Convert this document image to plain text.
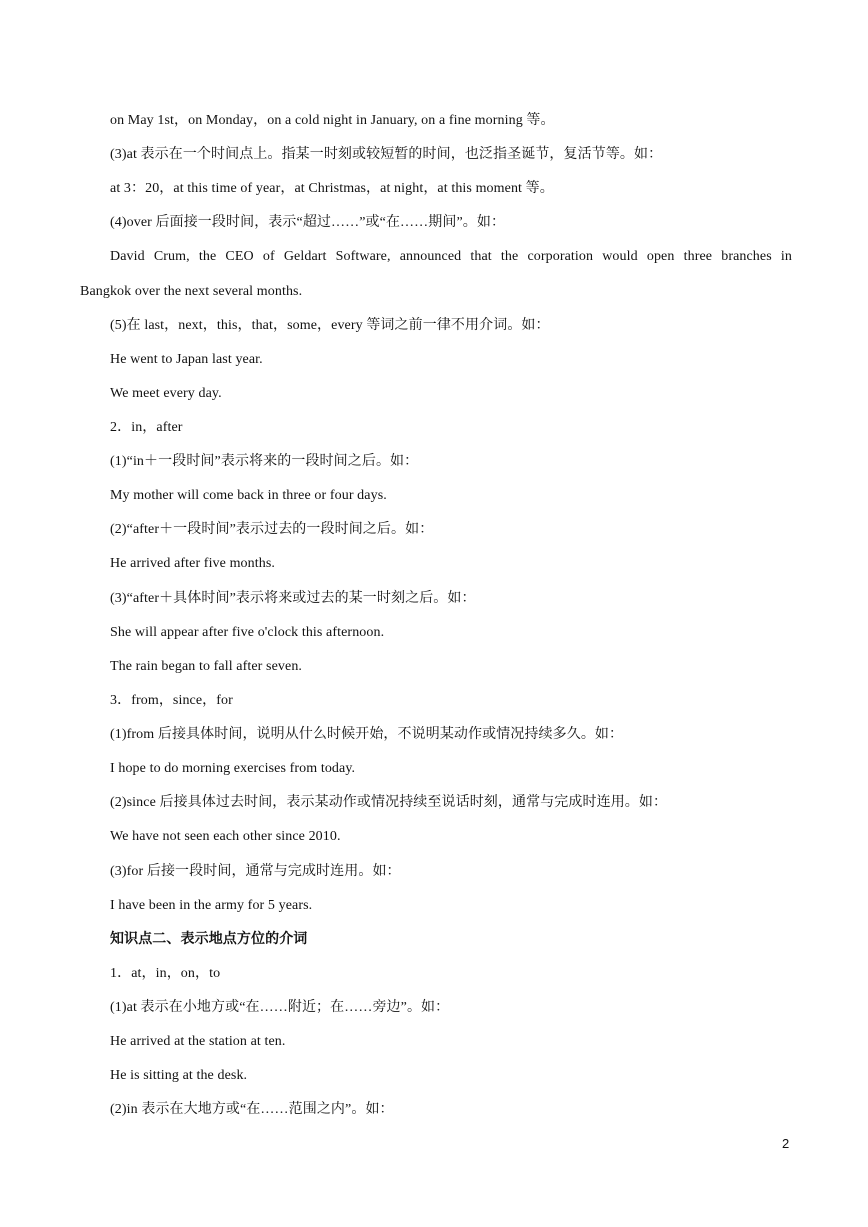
on May 1st，on Monday，on a cold night in January, on a fine morning 等。
(3)at 表示在一个时间点上。指某一时刻或较短暂的时间，也泛指圣诞节，复活节等。如：
at 3：20，at this time of year，at Christmas，at night，at this moment 等。
(4)over 后面接一段时间，表示“超过……”或“在……期间”。如：
David Crum, the CEO of Geldart Software, announced that the corporation would open three branches in
Bangkok over the next several months.
(5)在 last，next，this，that，some，every 等词之前一律不用介词。如：
He went to Japan last year.
We meet every day.
2．in，after
(1)“in＋一段时间”表示将来的一段时间之后。如：
My mother will come back in three or four days.
(2)“after＋一段时间”表示过去的一段时间之后。如：
He arrived after five months.
(3)“after＋具体时间”表示将来或过去的某一时刻之后。如：
She will appear after five o'clock this afternoon.
The rain began to fall after seven.
3．from，since，for
(1)from 后接具体时间，说明从什么时候开始，不说明某动作或情况持续多久。如：
I hope to do morning exercises from today.
(2)since 后接具体过去时间，表示某动作或情况持续至说话时刻，通常与完成时连用。如：
We have not seen each other since 2010.
(3)for 后接一段时间，通常与完成时连用。如：
I have been in the army for 5 years.
知识点二、表示地点方位的介词
1．at，in，on，to
(1)at 表示在小地方或“在……附近；在……旁边”。如：
He arrived at the station at ten.
He is sitting at the desk.
(2)in 表示在大地方或“在……范围之内”。如：
2
